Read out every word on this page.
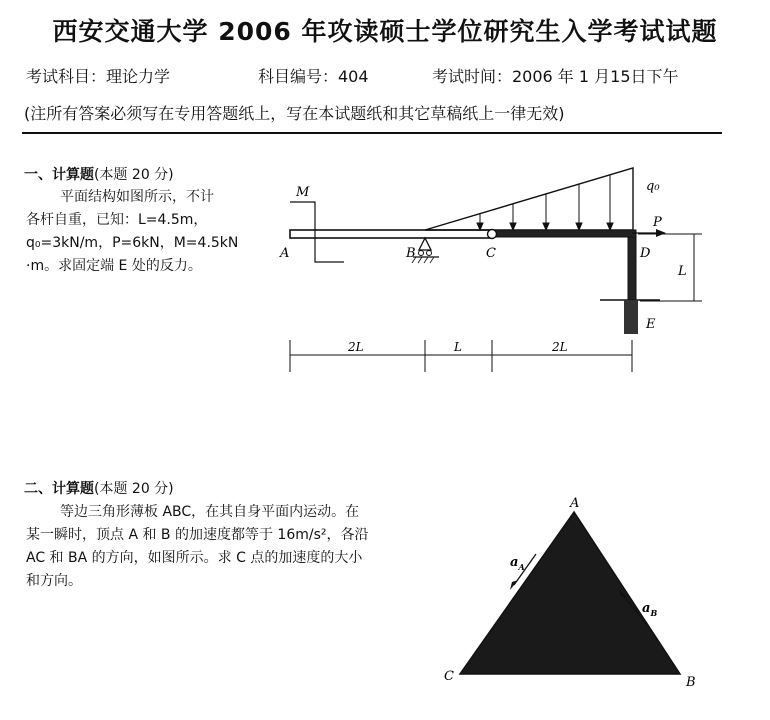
西安交通大学 2006 年攻读硕士学位研究生入学考试试题
考试科目：理论力学	科目编号：404	考试时间：2006 年 1 月15日下午
(注所有答案必须写在专用答题纸上，写在本试题纸和其它草稿纸上一律无效)
一、计算题(本题 20 分)
平面结构如图所示，不计
各杆自重，已知：L=4.5m，
q₀=3kN/m，P=6kN，M=4.5kN
·m。求固定端 E 处的反力。
M	q₀
P
A	B	C	D
E
L
2L	L	2L
二、计算题(本题 20 分)
等边三角形薄板 ABC，在其自身平面内运动。在
某一瞬时，顶点 A 和 B 的加速度都等于 16m/s²，各沿
AC 和 BA 的方向，如图所示。求 C 点的加速度的大小
和方向。
A
C	B
$a_A$
$a_B$
